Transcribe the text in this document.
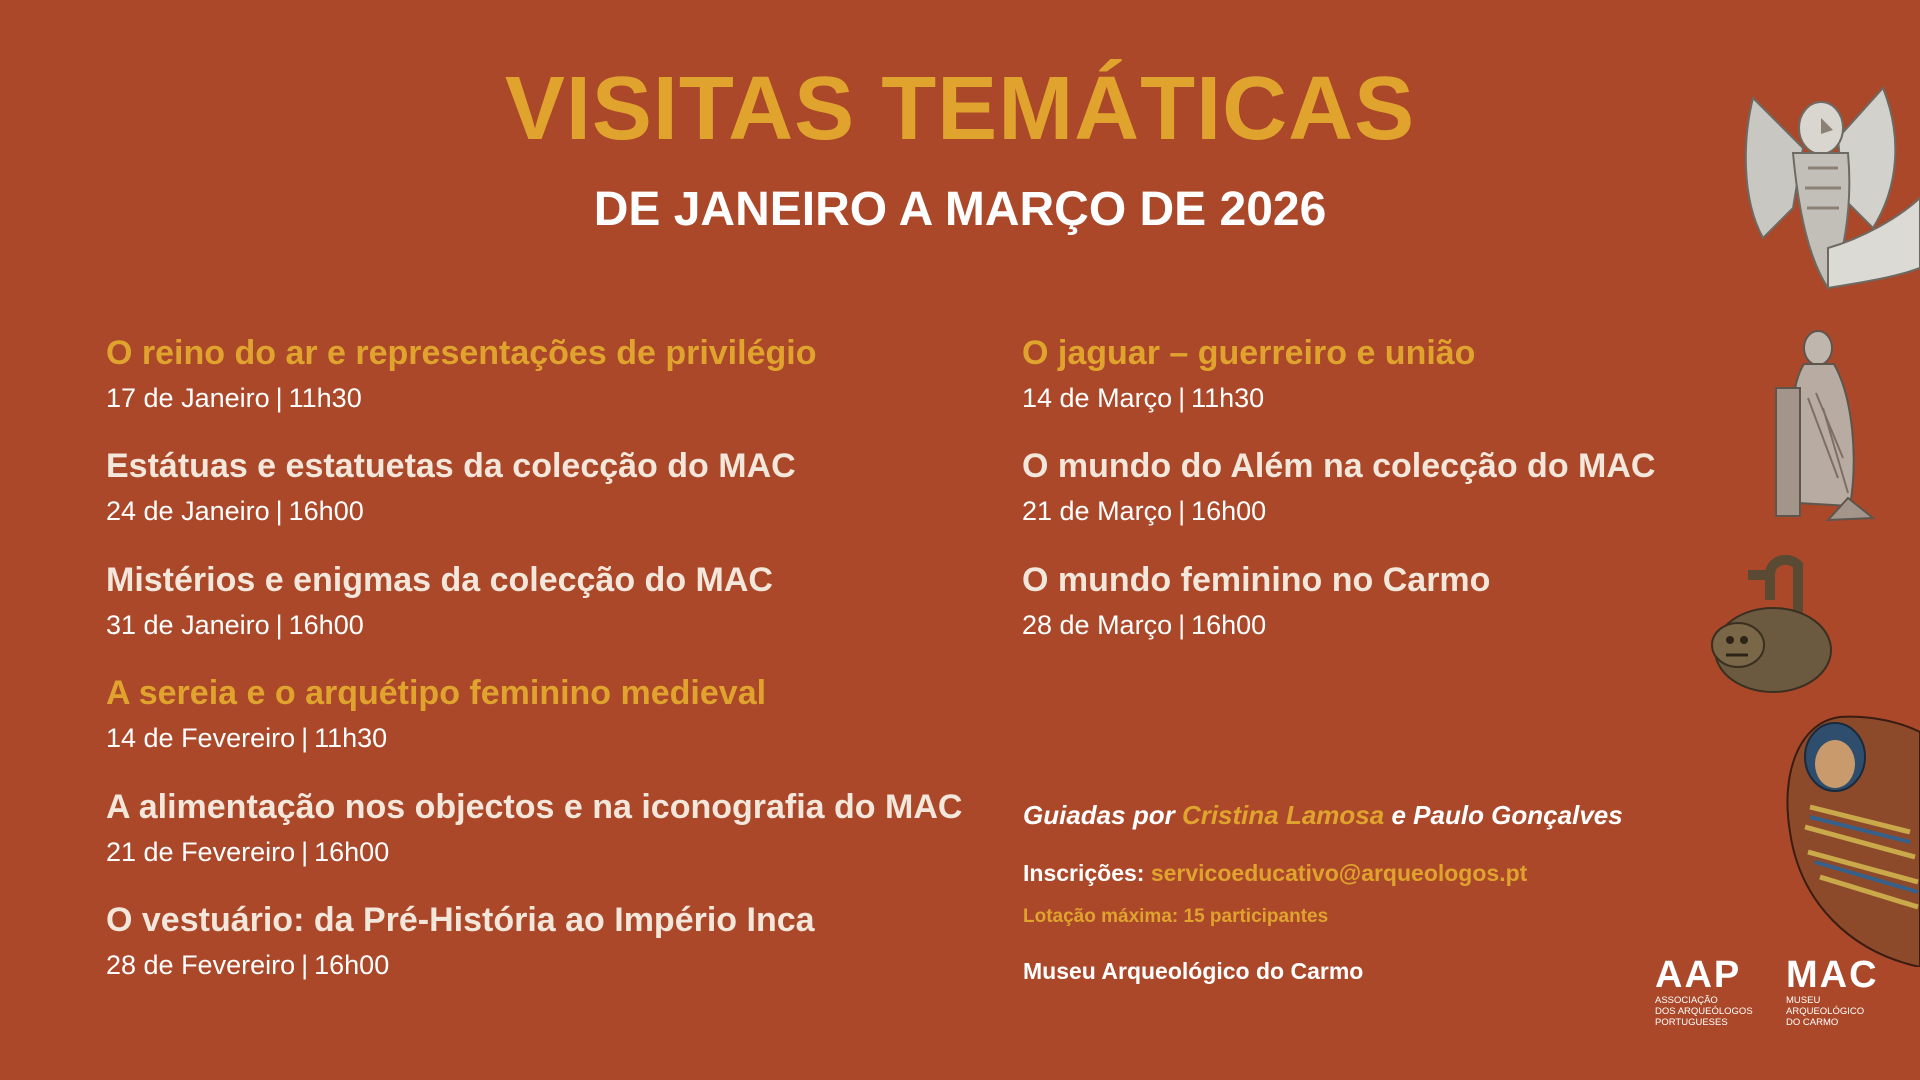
VISITAS TEMÁTICAS
DE JANEIRO A MARÇO DE 2026
O reino do ar e representações de privilégio
17 de Janeiro | 11h30
Estátuas e estatuetas da colecção do MAC
24 de Janeiro | 16h00
Mistérios e enigmas da colecção do MAC
31 de Janeiro | 16h00
A sereia e o arquétipo feminino medieval
14 de Fevereiro | 11h30
A alimentação nos objectos e na iconografia do MAC
21 de Fevereiro | 16h00
O vestuário: da Pré-História ao Império Inca
28 de Fevereiro | 16h00
O jaguar – guerreiro e união
14 de Março | 11h30
O mundo do Além na colecção do MAC
21 de Março | 16h00
O mundo feminino no Carmo
28 de Março | 16h00
Guiadas por Cristina Lamosa e Paulo Gonçalves
Inscrições: servicoeducativo@arqueologos.pt
Lotação máxima: 15 participantes
Museu Arqueológico do Carmo	AAP
ASSOCIAÇÃO
DOS ARQUEÓLOGOS
PORTUGUESES
MAC
MUSEU
ARQUEOLÓGICO
DO CARMO
